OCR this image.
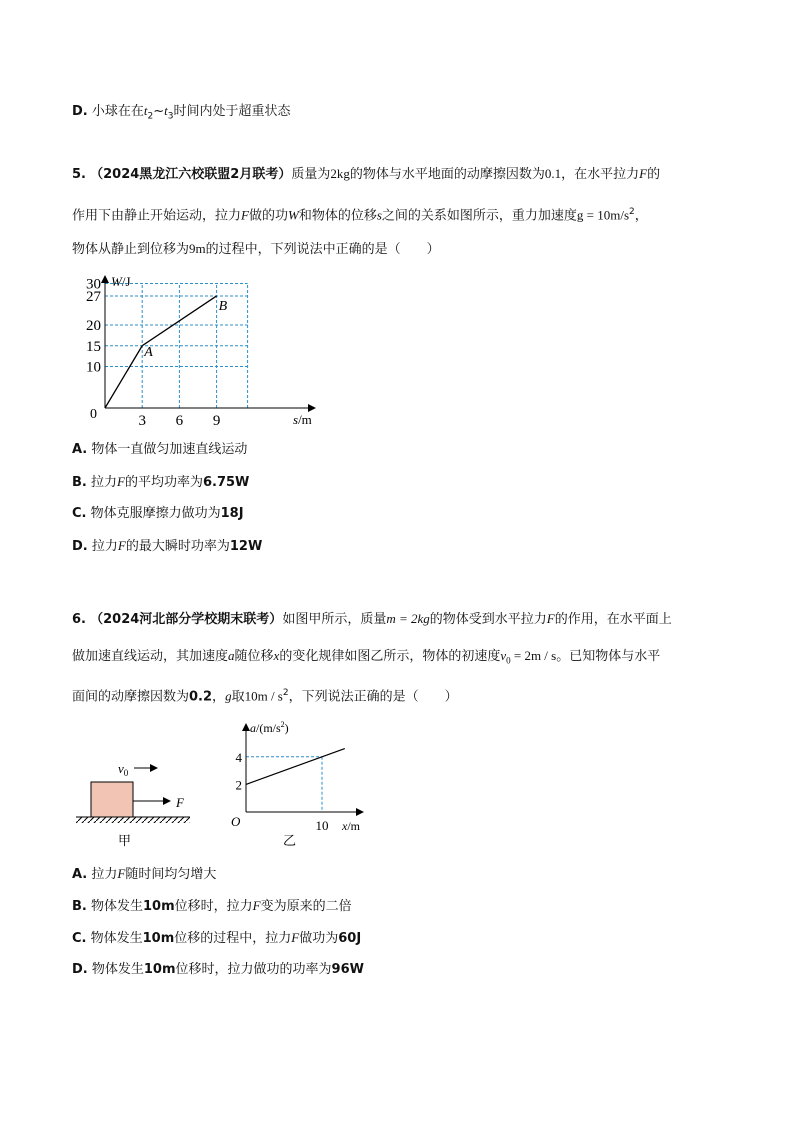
D. 小球在在$t_2\sim t_3$时间内处于超重状态
5. （2024黑龙江六校联盟2月联考）质量为2kg的物体与水平地面的动摩擦因数为0.1，在水平拉力F的
作用下由静止开始运动，拉力F做的功W和物体的位移s之间的关系如图所示，重力加速度$g = 10m/s^2$，
物体从静止到位移为9m的过程中，下列说法中正确的是（　　）
10
15
20
27
30
3 6 9
A
B
W/J
s/m
0
A. 物体一直做匀加速直线运动
B. 拉力F的平均功率为6.75W
C. 物体克服摩擦力做功为18J
D. 拉力F的最大瞬时功率为12W
6. （2024河北部分学校期末联考）如图甲所示，质量m = 2kg的物体受到水平拉力F的作用，在水平面上
做加速直线运动，其加速度a随位移x的变化规律如图乙所示，物体的初速度$v_0 = 2m / s$。已知物体与水平
面间的动摩擦因数为0.2，g取$10m / s^2$，下列说法正确的是（　　）
$v_0$
F
甲
2
4
10
$a/(m/s^2)$
x/m
O
乙
A. 拉力F随时间均匀增大
B. 物体发生10m位移时，拉力F变为原来的二倍
C. 物体发生10m位移的过程中，拉力F做功为60J
D. 物体发生10m位移时，拉力做功的功率为96W
